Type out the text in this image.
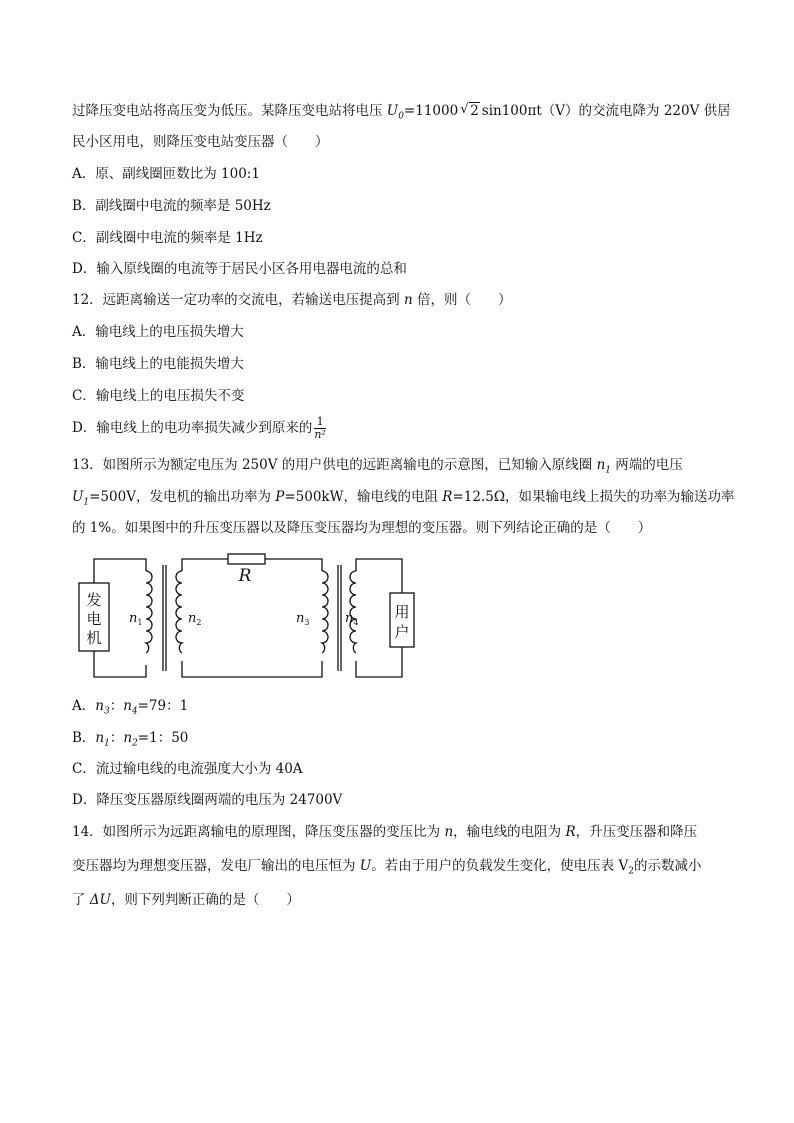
过降压变电站将高压变为低压。某降压变电站将电压 $U_0=11000√$ 2 sin100πt（V）的交流电降为 220V 供居
民小区用电，则降压变电站变压器（　　）
A．原、副线圈匝数比为 100:1
B．副线圈中电流的频率是 50Hz
C．副线圈中电流的频率是 1Hz
D．输入原线圈的电流等于居民小区各用电器电流的总和
12．远距离输送一定功率的交流电，若输送电压提高到 n 倍，则（　　）
A．输电线上的电压损失增大
B．输电线上的电能损失增大
C．输电线上的电压损失不变
D．输电线上的电功率损失减少到原来的 $\frac{1}{\text{n²}}$
13．如图所示为额定电压为 250V 的用户供电的远距离输电的示意图，已知输入原线圈 $n_1$ 两端的电压
$U_1=500V$，发电机的输出功率为 P=500kW，输电线的电阻 R=12.5Ω，如果输电线上损失的功率为输送功率
的 1%。如果图中的升压变压器以及降压变压器均为理想的变压器。则下列结论正确的是（　　）
发
电
机
用
户
R
$n_1$	$n_2$	$n_3$	$n_4$
A．$n_3$：$n_4=79$：1
B．$n_1$：$n_2=1$：50
C．流过输电线的电流强度大小为 40A
D．降压变压器原线圈两端的电压为 24700V
14．如图所示为远距离输电的原理图，降压变压器的变压比为 n，输电线的电阻为 R，升压变压器和降压
变压器均为理想变压器，发电厂输出的电压恒为 U。若由于用户的负载发生变化，使电压表 $V_2$的示数减小
了 ΔU，则下列判断正确的是（　　）
